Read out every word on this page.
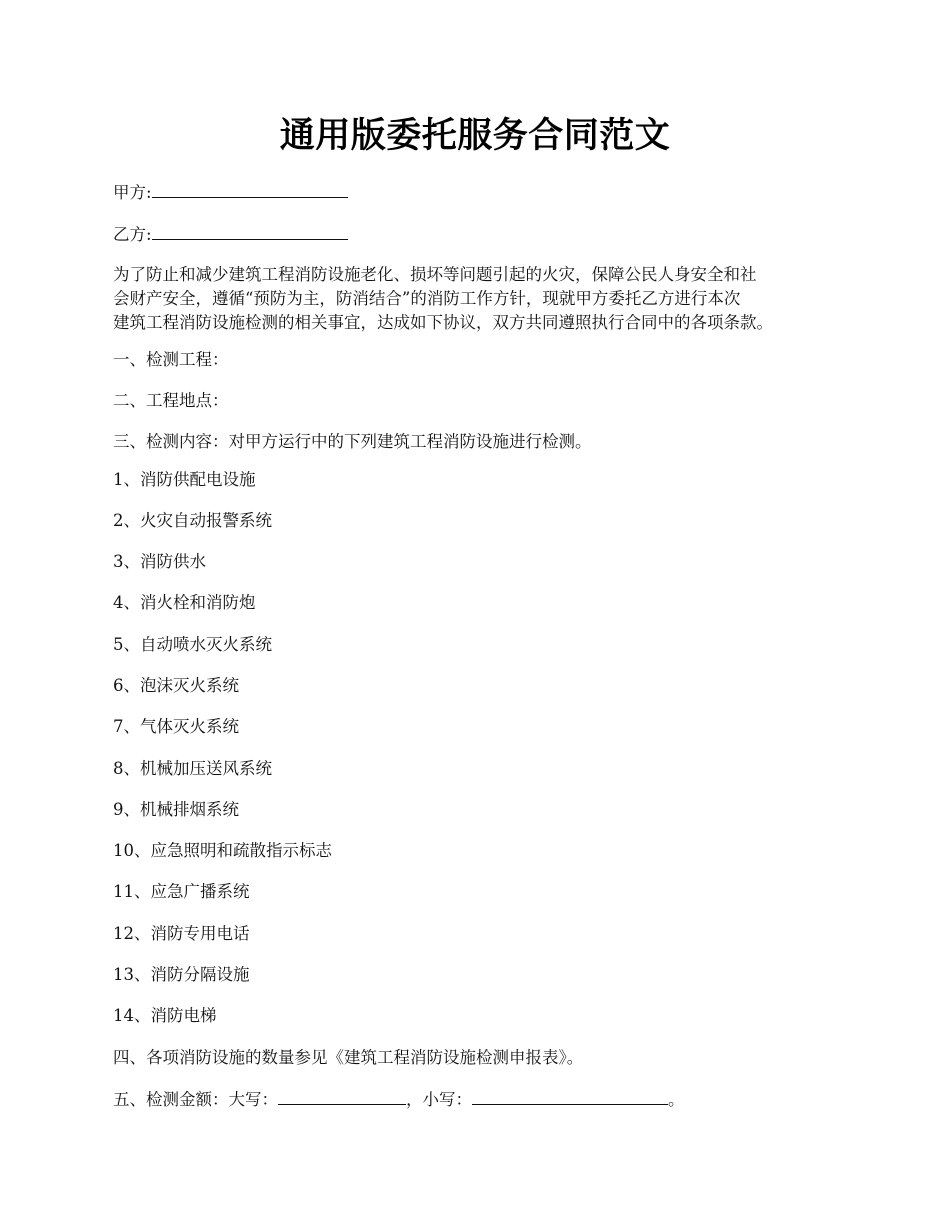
通用版委托服务合同范文
甲方:
乙方:
为了防止和减少建筑工程消防设施老化、损坏等问题引起的火灾，保障公民人身安全和社
会财产安全，遵循“预防为主，防消结合”的消防工作方针，现就甲方委托乙方进行本次
建筑工程消防设施检测的相关事宜，达成如下协议，双方共同遵照执行合同中的各项条款。
一、检测工程：
二、工程地点：
三、检测内容：对甲方运行中的下列建筑工程消防设施进行检测。
1、消防供配电设施
2、火灾自动报警系统
3、消防供水
4、消火栓和消防炮
5、自动喷水灭火系统
6、泡沫灭火系统
7、气体灭火系统
8、机械加压送风系统
9、机械排烟系统
10、应急照明和疏散指示标志
11、应急广播系统
12、消防专用电话
13、消防分隔设施
14、消防电梯
四、各项消防设施的数量参见《建筑工程消防设施检测申报表》。
五、检测金额：大写：	，小写：	。
